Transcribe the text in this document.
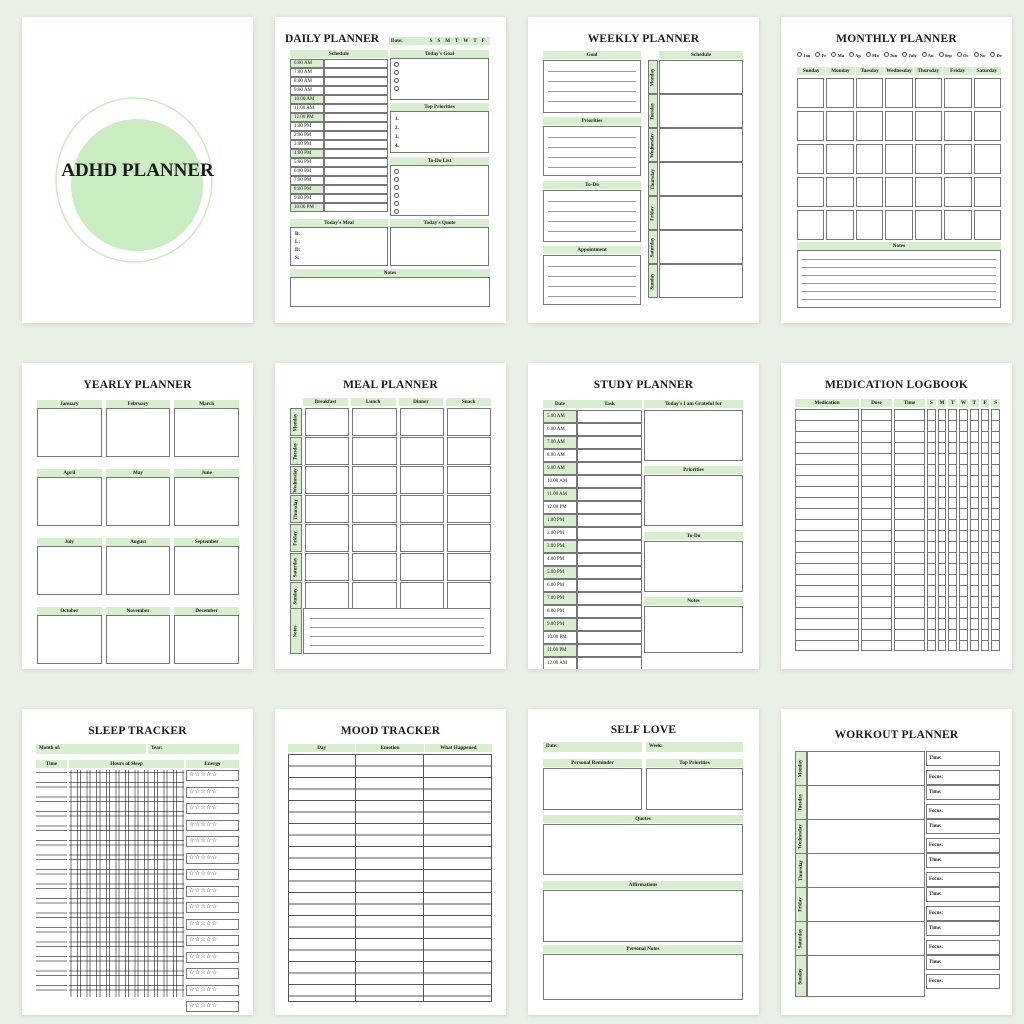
ADHD PLANNER
DAILY PLANNER Date:	S S M T W T F
Schedule
6:00 AM
7:00 AM
8:00 AM
9:00 AM
10:00 AM
11:00 AM
12.00 PM
1:00 PM
2:00 PM
3:00 PM
4:00 PM
5:00 PM
6:00 PM
7:00 PM
8:00 PM
9:00 PM
10:00 PM
Today's Goal
Top Priorities
1.
2.
3.
4.
To-Do List
Today's Meal
B:
L:
D:
S:
Today's Quote
Notes
WEEKLY PLANNER
Goal
Priorities
To-Do
Appointment
Schedule
Monday
Tuesday
Wednesday
Thursday
Friday
Saturday
Sunday
MONTHLY PLANNER
Jan	Fe	Ma	Ap	Ma	Jun	July	Au	Sep	Oc	No	De
Sunday	Monday	Tuesday	Wednesday	Thursday	Friday	Saturday
Notes
YEARLY PLANNER
January	February	March
April	May	June
July	August	September
October	November	December
MEAL PLANNER
Breakfast	Lunch	Dinner	Snack
Monday
Tuesday
Wednesday
Thursday
Friday
Saturday
Sunday
Notes
STUDY PLANNER
Date	Task
5.00 AM
6.00 AM
7.00 AM
8.00 AM
9.00 AM
10.00 AM
11.00 AM
12.00 PM
1.00 PM
2.00 PM
3.00 PM
4.00 PM
5.00 PM
6.00 PM
7.00 PM
8.00 PM
9.00 PM
10.00 PM
11.00 PM
12.00 AM
Today's I am Grateful for
Priorities
To-Do
Notes
MEDICATION LOGBOOK
Medication	Dose	Time	S	M	T	W	T	F	S
SLEEP TRACKER
Month of:	Year:
Time	Hours of Sleep	Energy
☆☆☆☆☆
☆☆☆☆☆
☆☆☆☆☆
☆☆☆☆☆
☆☆☆☆☆
☆☆☆☆☆
☆☆☆☆☆
☆☆☆☆☆
☆☆☆☆☆
☆☆☆☆☆
☆☆☆☆☆
☆☆☆☆☆
☆☆☆☆☆
☆☆☆☆☆
☆☆☆☆☆
MOOD TRACKER
Day	Emotion	What Happened
SELF LOVE
Date:	Week:
Personal Reminder	Top Priorities
Quotes
Affirmations
Personal Notes
WORKOUT PLANNER
Monday
Time:
Focus:
Tuesday
Time:
Focus:
Wednesday	Time:
Focus:
Thursday	Time:
Focus:
Friday
Time:
Focus:
Saturday
Time:
Focus:
Sunday
Time:
Focus:
